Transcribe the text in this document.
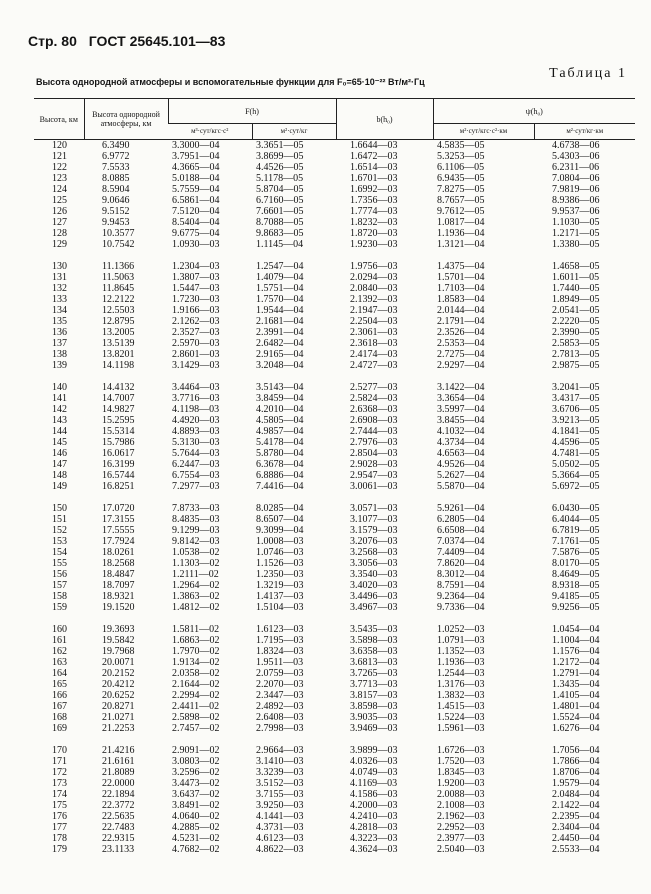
Стр. 80 ГОСТ 25645.101—83
Таблица 1
Высота однородной атмосферы и вспомогательные функции для F₀=65·10⁻²² Вт/м²·Гц
Высота, км	Высота однородной атмосферы, км	F(h)		b(h₀)	ψ(h₀)	
		м³·сут/кгс·с²	м²·сут/кг		м²·сут/кгс·с²·км	м²·сут/кг·км
120	6.3490	3.3000—04	3.3651—05	1.6644—03	4.5835—05	4.6738—06
121	6.9772	3.7951—04	3.8699—05	1.6472—03	5.3253—05	5.4303—06
122	7.5533	4.3665—04	4.4526—05	1.6514—03	6.1106—05	6.2311—06
123	8.0885	5.0188—04	5.1178—05	1.6701—03	6.9435—05	7.0804—06
124	8.5904	5.7559—04	5.8704—05	1.6992—03	7.8275—05	7.9819—06
125	9.0646	6.5861—04	6.7160—05	1.7356—03	8.7657—05	8.9386—06
126	9.5152	7.5120—04	7.6601—05	1.7774—03	9.7612—05	9.9537—06
127	9.9453	8.5404—04	8.7088—05	1.8232—03	1.0817—04	1.1030—05
128	10.3577	9.6775—04	9.8683—05	1.8720—03	1.1936—04	1.2171—05
129	10.7542	1.0930—03	1.1145—04	1.9230—03	1.3121—04	1.3380—05

130	11.1366	1.2304—03	1.2547—04	1.9756—03	1.4375—04	1.4658—05
131	11.5063	1.3807—03	1.4079—04	2.0294—03	1.5701—04	1.6011—05
132	11.8645	1.5447—03	1.5751—04	2.0840—03	1.7103—04	1.7440—05
133	12.2122	1.7230—03	1.7570—04	2.1392—03	1.8583—04	1.8949—05
134	12.5503	1.9166—03	1.9544—04	2.1947—03	2.0144—04	2.0541—05
135	12.8795	2.1262—03	2.1681—04	2.2504—03	2.1791—04	2.2220—05
136	13.2005	2.3527—03	2.3991—04	2.3061—03	2.3526—04	2.3990—05
137	13.5139	2.5970—03	2.6482—04	2.3618—03	2.5353—04	2.5853—05
138	13.8201	2.8601—03	2.9165—04	2.4174—03	2.7275—04	2.7813—05
139	14.1198	3.1429—03	3.2048—04	2.4727—03	2.9297—04	2.9875—05

140	14.4132	3.4464—03	3.5143—04	2.5277—03	3.1422—04	3.2041—05
141	14.7007	3.7716—03	3.8459—04	2.5824—03	3.3654—04	3.4317—05
142	14.9827	4.1198—03	4.2010—04	2.6368—03	3.5997—04	3.6706—05
143	15.2595	4.4920—03	4.5805—04	2.6908—03	3.8455—04	3.9213—05
144	15.5314	4.8893—03	4.9857—04	2.7444—03	4.1032—04	4.1841—05
145	15.7986	5.3130—03	5.4178—04	2.7976—03	4.3734—04	4.4596—05
146	16.0617	5.7644—03	5.8780—04	2.8504—03	4.6563—04	4.7481—05
147	16.3199	6.2447—03	6.3678—04	2.9028—03	4.9526—04	5.0502—05
148	16.5744	6.7554—03	6.8886—04	2.9547—03	5.2627—04	5.3664—05
149	16.8251	7.2977—03	7.4416—04	3.0061—03	5.5870—04	5.6972—05

150	17.0720	7.8733—03	8.0285—04	3.0571—03	5.9261—04	6.0430—05
151	17.3155	8.4835—03	8.6507—04	3.1077—03	6.2805—04	6.4044—05
152	17.5555	9.1299—03	9.3099—04	3.1579—03	6.6508—04	6.7819—05
153	17.7924	9.8142—03	1.0008—03	3.2076—03	7.0374—04	7.1761—05
154	18.0261	1.0538—02	1.0746—03	3.2568—03	7.4409—04	7.5876—05
155	18.2568	1.1303—02	1.1526—03	3.3056—03	7.8620—04	8.0170—05
156	18.4847	1.2111—02	1.2350—03	3.3540—03	8.3012—04	8.4649—05
157	18.7097	1.2964—02	1.3219—03	3.4020—03	8.7591—04	8.9318—05
158	18.9321	1.3863—02	1.4137—03	3.4496—03	9.2364—04	9.4185—05
159	19.1520	1.4812—02	1.5104—03	3.4967—03	9.7336—04	9.9256—05

160	19.3693	1.5811—02	1.6123—03	3.5435—03	1.0252—03	1.0454—04
161	19.5842	1.6863—02	1.7195—03	3.5898—03	1.0791—03	1.1004—04
162	19.7968	1.7970—02	1.8324—03	3.6358—03	1.1352—03	1.1576—04
163	20.0071	1.9134—02	1.9511—03	3.6813—03	1.1936—03	1.2172—04
164	20.2152	2.0358—02	2.0759—03	3.7265—03	1.2544—03	1.2791—04
165	20.4212	2.1644—02	2.2070—03	3.7713—03	1.3176—03	1.3435—04
166	20.6252	2.2994—02	2.3447—03	3.8157—03	1.3832—03	1.4105—04
167	20.8271	2.4411—02	2.4892—03	3.8598—03	1.4515—03	1.4801—04
168	21.0271	2.5898—02	2.6408—03	3.9035—03	1.5224—03	1.5524—04
169	21.2253	2.7457—02	2.7998—03	3.9469—03	1.5961—03	1.6276—04

170	21.4216	2.9091—02	2.9664—03	3.9899—03	1.6726—03	1.7056—04
171	21.6161	3.0803—02	3.1410—03	4.0326—03	1.7520—03	1.7866—04
172	21.8089	3.2596—02	3.3239—03	4.0749—03	1.8345—03	1.8706—04
173	22.0000	3.4473—02	3.5152—03	4.1169—03	1.9200—03	1.9579—04
174	22.1894	3.6437—02	3.7155—03	4.1586—03	2.0088—03	2.0484—04
175	22.3772	3.8491—02	3.9250—03	4.2000—03	2.1008—03	2.1422—04
176	22.5635	4.0640—02	4.1441—03	4.2410—03	2.1962—03	2.2395—04
177	22.7483	4.2885—02	4.3731—03	4.2818—03	2.2952—03	2.3404—04
178	22.9315	4.5231—02	4.6123—03	4.3223—03	2.3977—03	2.4450—04
179	23.1133	4.7682—02	4.8622—03	4.3624—03	2.5040—03	2.5533—04
